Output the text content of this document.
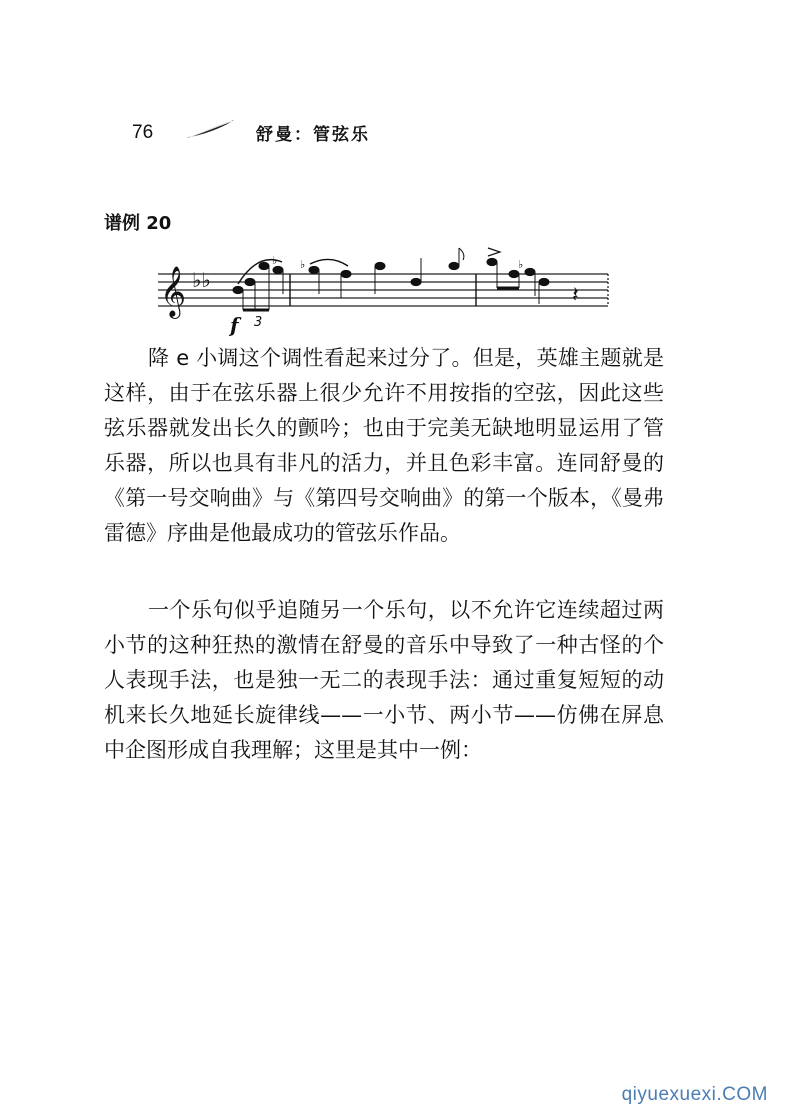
76	舒曼：管弦乐
谱例 20
𝄞 ♭♭
♭
3
♭	♭
𝄽
f

降 e 小调这个调性看起来过分了。但是，英雄主题就是这样，由于在弦乐器上很少允许不用按指的空弦，因此这些弦乐器就发出长久的颤吟；也由于完美无缺地明显运用了管乐器，所以也具有非凡的活力，并且色彩丰富。连同舒曼的《第一号交响曲》与《第四号交响曲》的第一个版本，《曼弗雷德》序曲是他最成功的管弦乐作品。

一个乐句似乎追随另一个乐句，以不允许它连续超过两小节的这种狂热的激情在舒曼的音乐中导致了一种古怪的个人表现手法，也是独一无二的表现手法：通过重复短短的动机来长久地延长旋律线——一小节、两小节——仿佛在屏息中企图形成自我理解；这里是其中一例：

qiyuexuexi.COM
